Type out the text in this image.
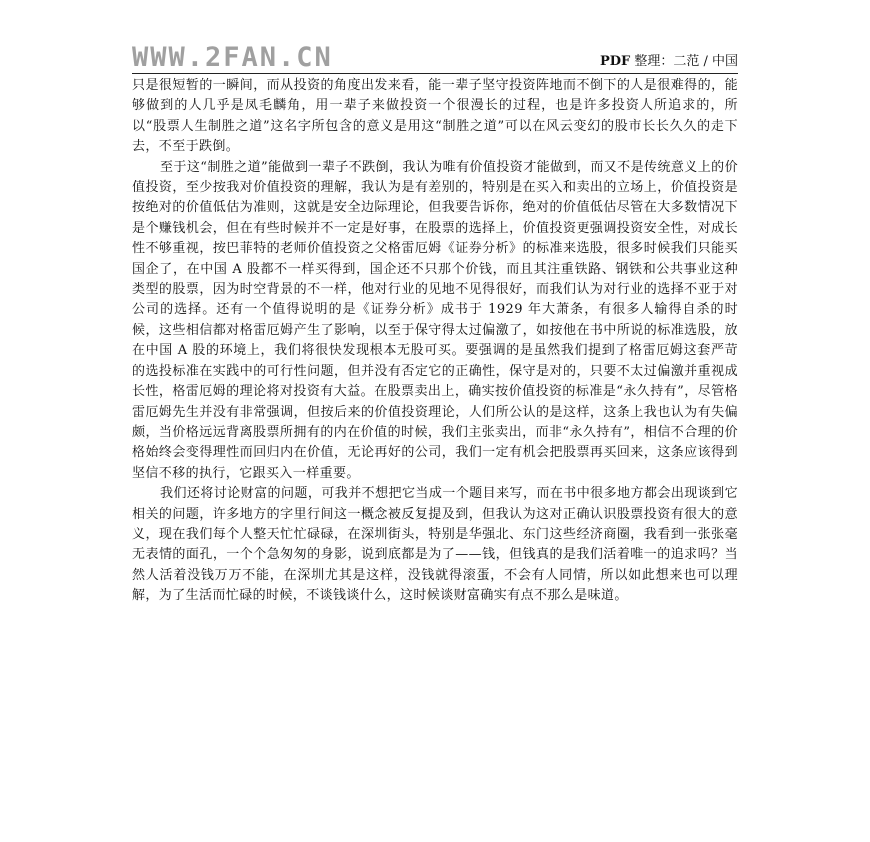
WWW.2FAN.CN	PDF 整理：二范 / 中国

只是很短暂的一瞬间，而从投资的角度出发来看，能一辈子坚守投资阵地而不倒下的人是很难得的，能够做到的人几乎是凤毛麟角，用一辈子来做投资一个很漫长的过程，也是许多投资人所追求的，所以“股票人生制胜之道”这名字所包含的意义是用这“制胜之道”可以在风云变幻的股市长长久久的走下去，不至于跌倒。

至于这“制胜之道”能做到一辈子不跌倒，我认为唯有价值投资才能做到，而又不是传统意义上的价值投资，至少按我对价值投资的理解，我认为是有差别的，特别是在买入和卖出的立场上，价值投资是按绝对的价值低估为准则，这就是安全边际理论，但我要告诉你，绝对的价值低估尽管在大多数情况下是个赚钱机会，但在有些时候并不一定是好事，在股票的选择上，价值投资更强调投资安全性，对成长性不够重视，按巴菲特的老师价值投资之父格雷厄姆《证券分析》的标准来选股，很多时候我们只能买国企了，在中国 A 股都不一样买得到，国企还不只那个价钱，而且其注重铁路、钢铁和公共事业这种类型的股票，因为时空背景的不一样，他对行业的见地不见得很好，而我们认为对行业的选择不亚于对公司的选择。还有一个值得说明的是《证券分析》成书于 1929 年大萧条，有很多人输得自杀的时候，这些相信都对格雷厄姆产生了影响，以至于保守得太过偏激了，如按他在书中所说的标准选股，放在中国 A 股的环境上，我们将很快发现根本无股可买。要强调的是虽然我们提到了格雷厄姆这套严苛的选投标准在实践中的可行性问题，但并没有否定它的正确性，保守是对的，只要不太过偏激并重视成长性，格雷厄姆的理论将对投资有大益。在股票卖出上，确实按价值投资的标准是“永久持有”，尽管格雷厄姆先生并没有非常强调，但按后来的价值投资理论，人们所公认的是这样，这条上我也认为有失偏颇，当价格远远背离股票所拥有的内在价值的时候，我们主张卖出，而非“永久持有”，相信不合理的价格始终会变得理性而回归内在价值，无论再好的公司，我们一定有机会把股票再买回来，这条应该得到坚信不移的执行，它跟买入一样重要。

我们还将讨论财富的问题，可我并不想把它当成一个题目来写，而在书中很多地方都会出现谈到它相关的问题，许多地方的字里行间这一概念被反复提及到，但我认为这对正确认识股票投资有很大的意义，现在我们每个人整天忙忙碌碌，在深圳街头，特别是华强北、东门这些经济商圈，我看到一张张毫无表情的面孔，一个个急匆匆的身影，说到底都是为了——钱，但钱真的是我们活着唯一的追求吗？当然人活着没钱万万不能，在深圳尤其是这样，没钱就得滚蛋，不会有人同情，所以如此想来也可以理解，为了生活而忙碌的时候，不谈钱谈什么，这时候谈财富确实有点不那么是味道。
